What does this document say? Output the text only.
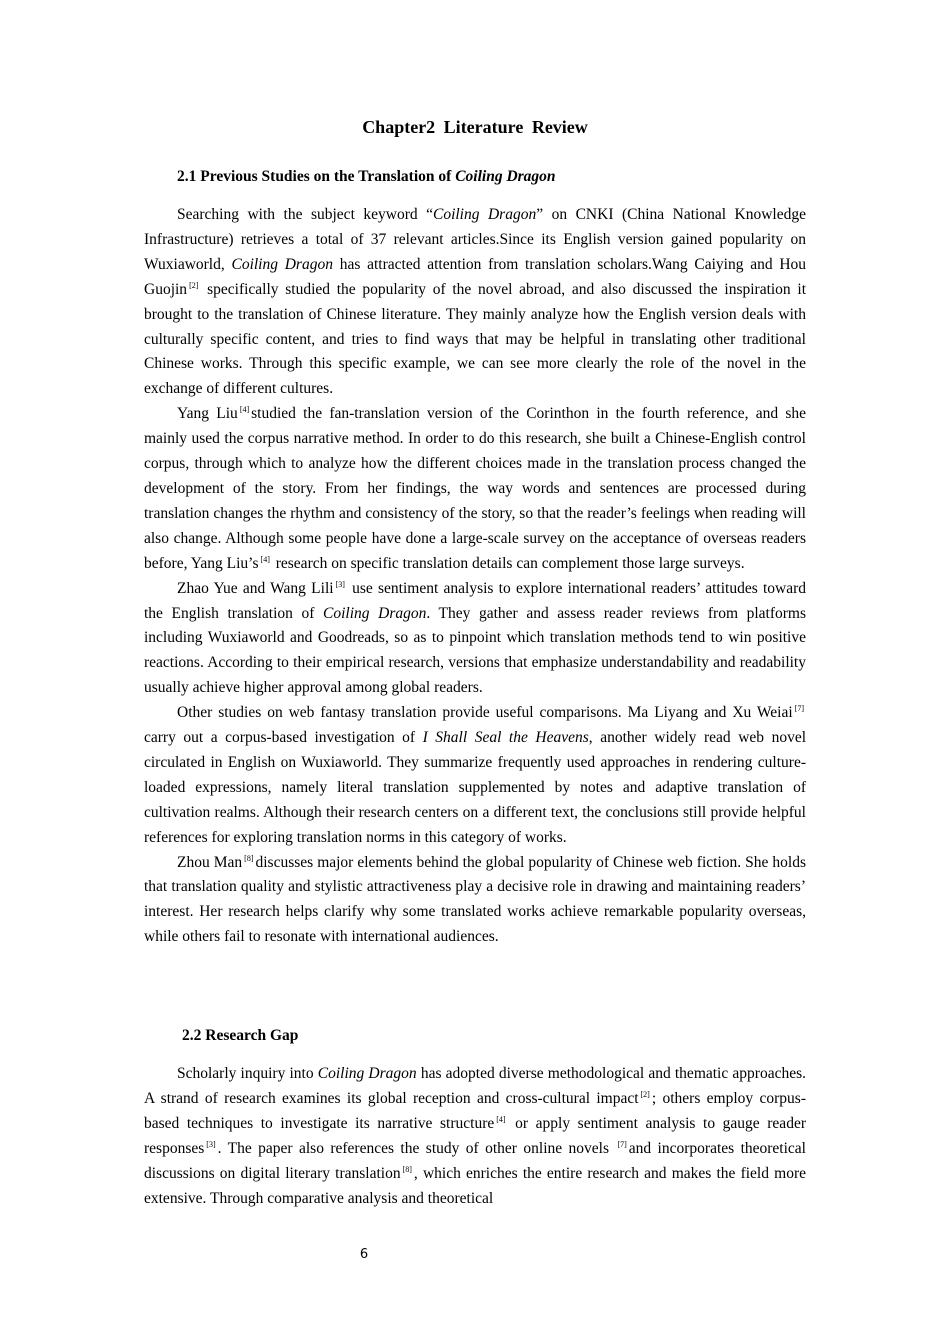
Chapter2 Literature Review
2.1 Previous Studies on the Translation of Coiling Dragon

Searching with the subject keyword “Coiling Dragon” on CNKI (China National Knowledge Infrastructure) retrieves a total of 37 relevant articles.Since its English version gained popularity on Wuxiaworld, Coiling Dragon has attracted attention from translation scholars.Wang Caiying and Hou Guojin [2] specifically studied the popularity of the novel abroad, and also discussed the inspiration it brought to the translation of Chinese literature. They mainly analyze how the English version deals with culturally specific content, and tries to find ways that may be helpful in translating other traditional Chinese works. Through this specific example, we can see more clearly the role of the novel in the exchange of different cultures.

Yang Liu [4] studied the fan-translation version of the Corinthon in the fourth reference, and she mainly used the corpus narrative method. In order to do this research, she built a Chinese-English control corpus, through which to analyze how the different choices made in the translation process changed the development of the story. From her findings, the way words and sentences are processed during translation changes the rhythm and consistency of the story, so that the reader’s feelings when reading will also change. Although some people have done a large-scale survey on the acceptance of overseas readers before, Yang Liu’s [4] research on specific translation details can complement those large surveys.

Zhao Yue and Wang Lili [3] use sentiment analysis to explore international readers’ attitudes toward the English translation of Coiling Dragon. They gather and assess reader reviews from platforms including Wuxiaworld and Goodreads, so as to pinpoint which translation methods tend to win positive reactions. According to their empirical research, versions that emphasize understandability and readability usually achieve higher approval among global readers.

Other studies on web fantasy translation provide useful comparisons. Ma Liyang and Xu Weiai [7] carry out a corpus-based investigation of I Shall Seal the Heavens, another widely read web novel circulated in English on Wuxiaworld. They summarize frequently used approaches in rendering culture-loaded expressions, namely literal translation supplemented by notes and adaptive translation of cultivation realms. Although their research centers on a different text, the conclusions still provide helpful references for exploring translation norms in this category of works.

Zhou Man [8] discusses major elements behind the global popularity of Chinese web fiction. She holds that translation quality and stylistic attractiveness play a decisive role in drawing and maintaining readers’ interest. Her research helps clarify why some translated works achieve remarkable popularity overseas, while others fail to resonate with international audiences.

2.2 Research Gap

Scholarly inquiry into Coiling Dragon has adopted diverse methodological and thematic approaches. A strand of research examines its global reception and cross-cultural impact [2] ; others employ corpus-based techniques to investigate its narrative structure [4] or apply sentiment analysis to gauge reader responses [3] . The paper also references the study of other online novels [7] and incorporates theoretical discussions on digital literary translation [8] , which enriches the entire research and makes the field more extensive. Through comparative analysis and theoretical

6
